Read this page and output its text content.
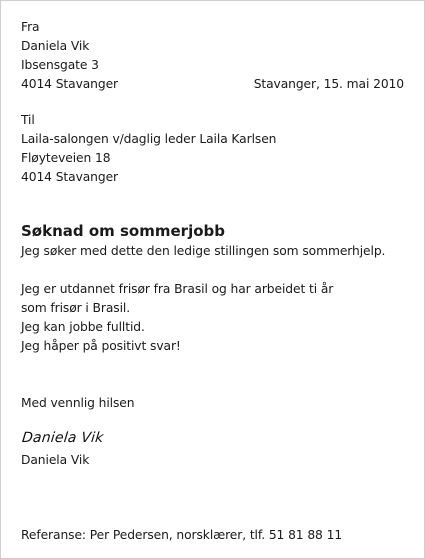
Fra
Daniela Vik
Ibsensgate 3
4014 Stavanger	Stavanger, 15. mai 2010
Til
Laila-salongen v/daglig leder Laila Karlsen
Fløyteveien 18
4014 Stavanger
Søknad om sommerjobb
Jeg søker med dette den ledige stillingen som sommerhjelp.
Jeg er utdannet frisør fra Brasil og har arbeidet ti år
som frisør i Brasil.
Jeg kan jobbe fulltid.
Jeg håper på positivt svar!
Med vennlig hilsen
Daniela Vik
Daniela Vik
Referanse: Per Pedersen, norsklærer, tlf. 51 81 88 11
